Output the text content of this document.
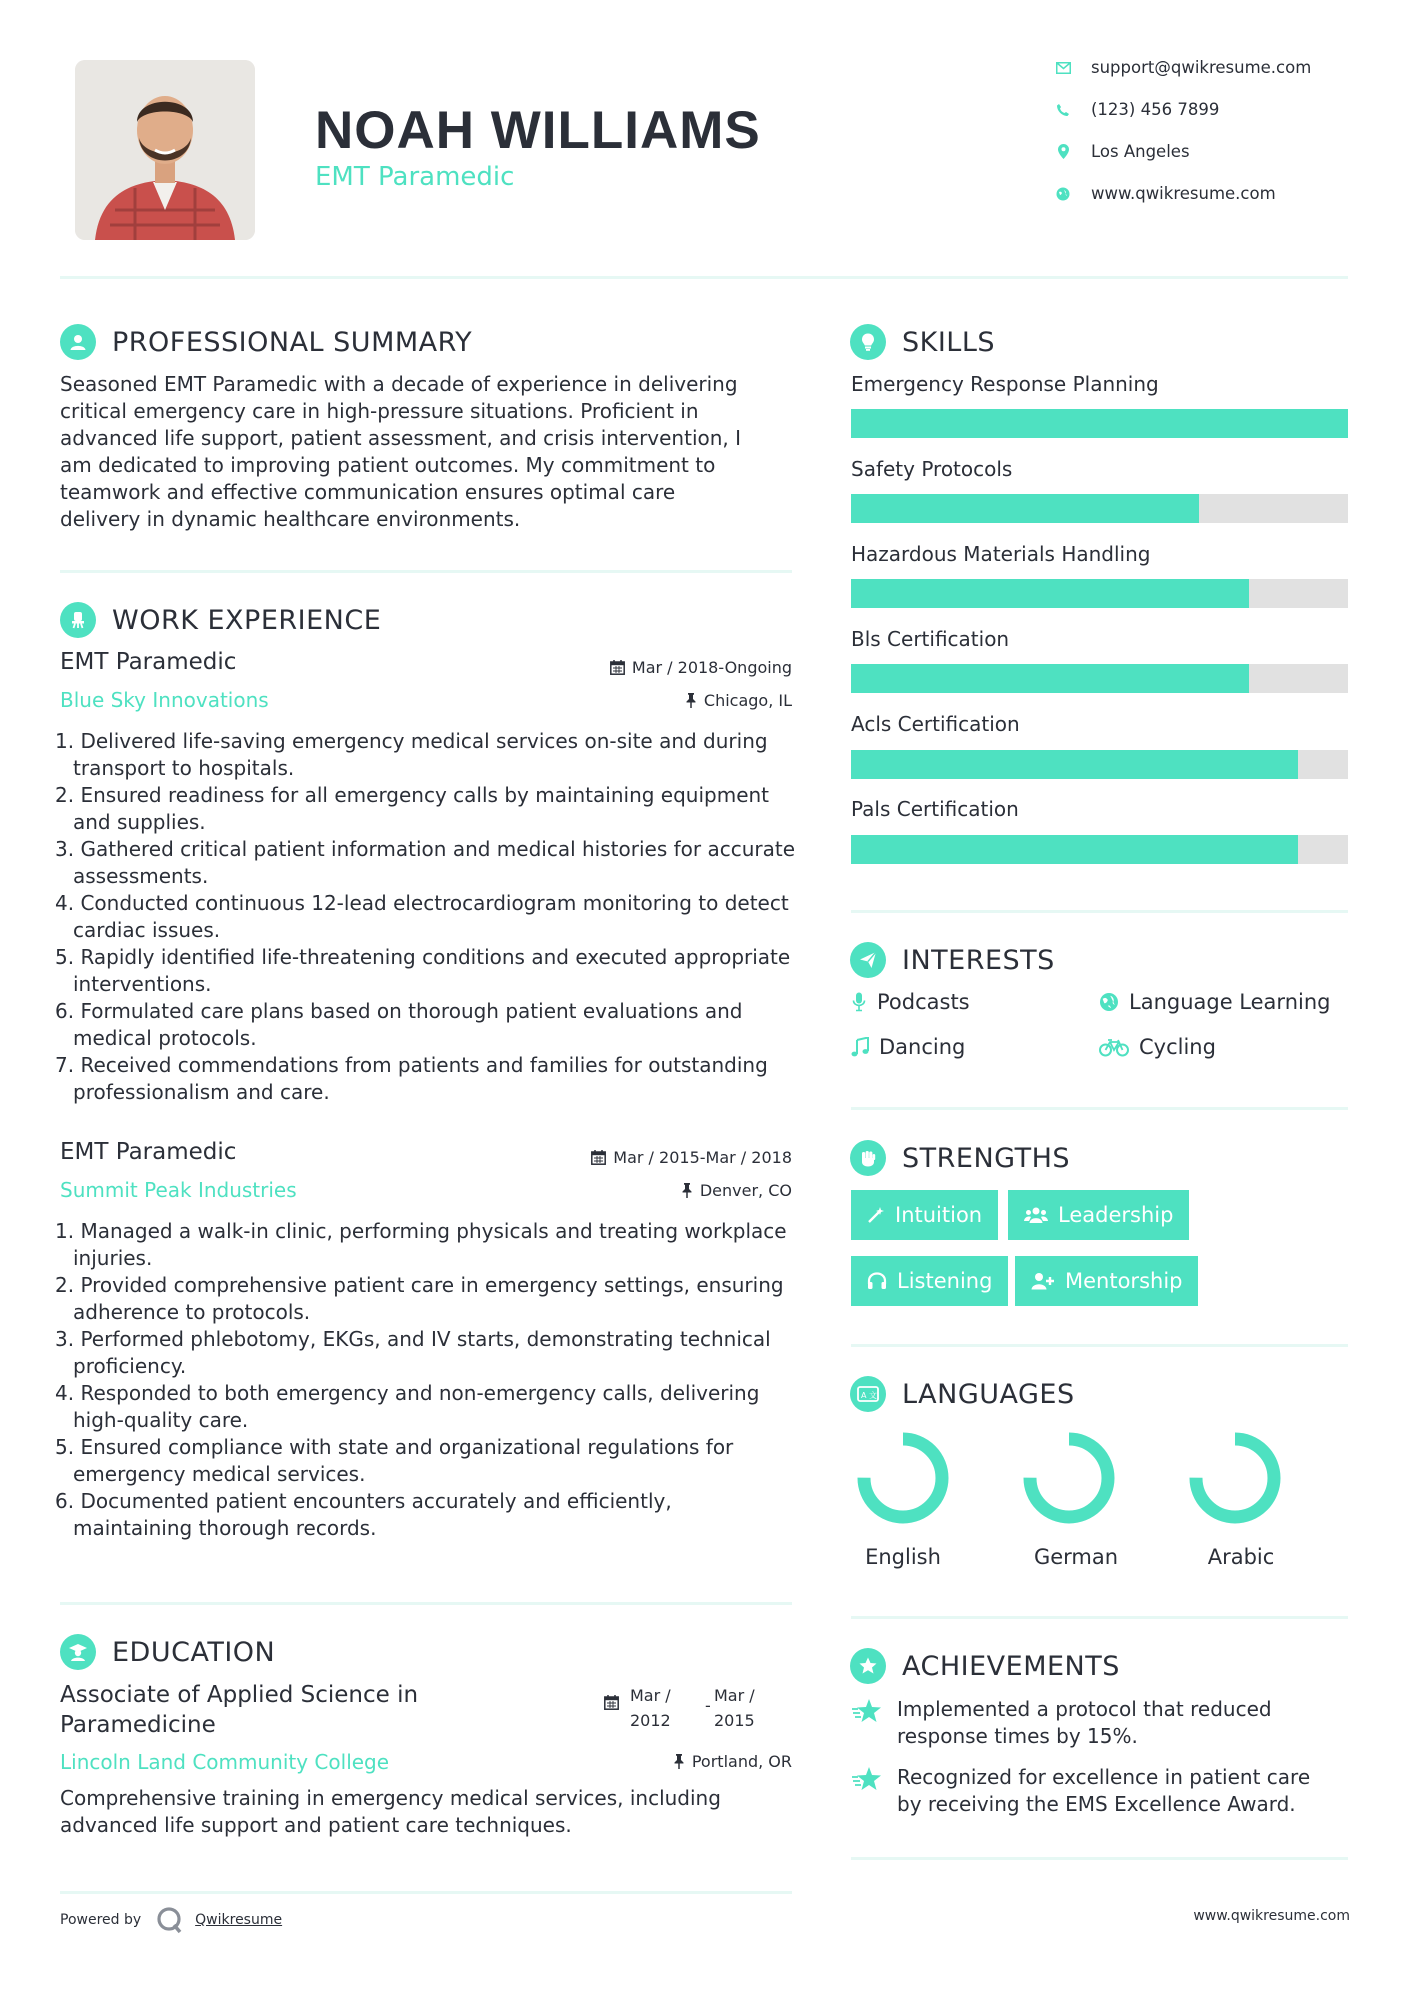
NOAH WILLIAMS
EMT Paramedic
support@qwikresume.com
(123) 456 7899
Los Angeles
www.qwikresume.com
PROFESSIONAL SUMMARY
Seasoned EMT Paramedic with a decade of experience in delivering
critical emergency care in high-pressure situations. Proficient in
advanced life support, patient assessment, and crisis intervention, I
am dedicated to improving patient outcomes. My commitment to
teamwork and effective communication ensures optimal care
delivery in dynamic healthcare environments.
WORK EXPERIENCE
EMT Paramedic	Mar / 2018-Ongoing
Blue Sky Innovations	Chicago, IL
1. Delivered life-saving emergency medical services on-site and during transport to hospitals.
2. Ensured readiness for all emergency calls by maintaining equipment and supplies.
3. Gathered critical patient information and medical histories for accurate assessments.
4. Conducted continuous 12-lead electrocardiogram monitoring to detect cardiac issues.
5. Rapidly identified life-threatening conditions and executed appropriate interventions.
6. Formulated care plans based on thorough patient evaluations and medical protocols.
7. Received commendations from patients and families for outstanding professionalism and care.
EMT Paramedic	Mar / 2015-Mar / 2018
Summit Peak Industries	Denver, CO
1. Managed a walk-in clinic, performing physicals and treating workplace injuries.
2. Provided comprehensive patient care in emergency settings, ensuring adherence to protocols.
3. Performed phlebotomy, EKGs, and IV starts, demonstrating technical proficiency.
4. Responded to both emergency and non-emergency calls, delivering high-quality care.
5. Ensured compliance with state and organizational regulations for emergency medical services.
6. Documented patient encounters accurately and efficiently, maintaining thorough records.
EDUCATION
Associate of Applied Science in
Paramedicine
Mar /
2012
-
Mar /
2015
Lincoln Land Community College	Portland, OR
Comprehensive training in emergency medical services, including
advanced life support and patient care techniques.
Powered by	Qwikresume	www.qwikresume.com
SKILLS
Emergency Response Planning
Safety Protocols
Hazardous Materials Handling
Bls Certification
Acls Certification
Pals Certification
INTERESTS
Podcasts	Language Learning
Dancing	Cycling
STRENGTHS
Intuition	Leadership
Listening	Mentorship
A 文 LANGUAGES
English	German	Arabic
ACHIEVEMENTS
Implemented a protocol that reduced
response times by 15%.
Recognized for excellence in patient care
by receiving the EMS Excellence Award.
